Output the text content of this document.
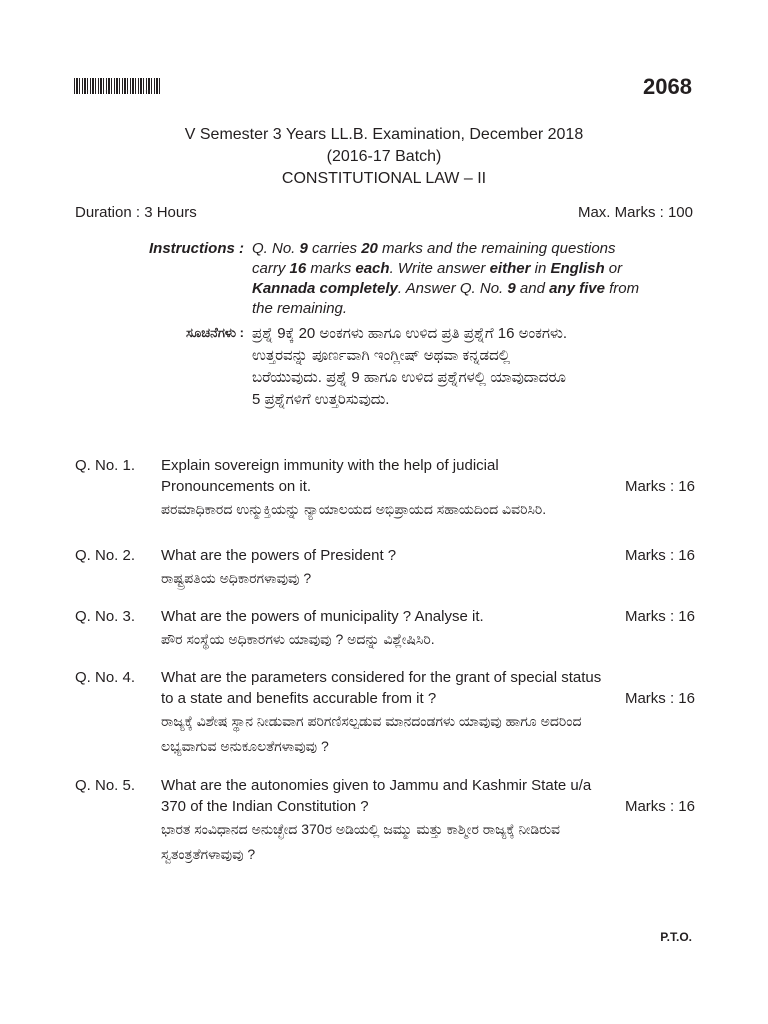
2068
V Semester 3 Years LL.B. Examination, December 2018
(2016-17 Batch)
CONSTITUTIONAL LAW – II
Duration : 3 Hours	Max. Marks : 100
Instructions : Q. No. 9 carries 20 marks and the remaining questions carry 16 marks each. Write answer either in English or Kannada completely. Answer Q. No. 9 and any five from the remaining.
ಸೂಚನೆಗಳು : ಪ್ರಶ್ನೆ 9ಕ್ಕೆ 20 ಅಂಕಗಳು ಹಾಗೂ ಉಳಿದ ಪ್ರತಿ ಪ್ರಶ್ನೆಗೆ 16 ಅಂಕಗಳು.
ಉತ್ತರವನ್ನು ಪೂರ್ಣವಾಗಿ ಇಂಗ್ಲೀಷ್ ಅಥವಾ ಕನ್ನಡದಲ್ಲಿ
ಬರೆಯುವುದು. ಪ್ರಶ್ನೆ 9 ಹಾಗೂ ಉಳಿದ ಪ್ರಶ್ನೆಗಳಲ್ಲಿ ಯಾವುದಾದರೂ
5 ಪ್ರಶ್ನೆಗಳಿಗೆ ಉತ್ತರಿಸುವುದು.
Q. No. 1.	Explain sovereign immunity with the help of judicial Pronouncements on it.
ಪರಮಾಧಿಕಾರದ ಉನ್ಮುಕ್ತಿಯನ್ನು ನ್ಯಾಯಾಲಯದ ಅಭಿಪ್ರಾಯದ ಸಹಾಯದಿಂದ ವಿವರಿಸಿರಿ.
Marks : 16
Q. No. 2.	What are the powers of President ?
ರಾಷ್ಟ್ರಪತಿಯ ಅಧಿಕಾರಗಳಾವುವು ?
Marks : 16
Q. No. 3.	What are the powers of municipality ? Analyse it.
ಪೌರ ಸಂಸ್ಥೆಯ ಅಧಿಕಾರಗಳು ಯಾವುವು ? ಅದನ್ನು ವಿಶ್ಲೇಷಿಸಿರಿ.
Marks : 16
Q. No. 4.	What are the parameters considered for the grant of special status to a state and benefits accurable from it ?
ರಾಜ್ಯಕ್ಕೆ ವಿಶೇಷ ಸ್ಥಾನ ನೀಡುವಾಗ ಪರಿಗಣಿಸಲ್ಪಡುವ ಮಾನದಂಡಗಳು ಯಾವುವು ಹಾಗೂ ಅದರಿಂದ ಲಭ್ಯವಾಗುವ ಅನುಕೂಲತೆಗಳಾವುವು ?
Marks : 16
Q. No. 5.	What are the autonomies given to Jammu and Kashmir State u/a 370 of the Indian Constitution ?
ಭಾರತ ಸಂವಿಧಾನದ ಅನುಚ್ಛೇದ 370ರ ಅಡಿಯಲ್ಲಿ ಜಮ್ಮು ಮತ್ತು ಕಾಶ್ಮೀರ ರಾಜ್ಯಕ್ಕೆ ನೀಡಿರುವ ಸ್ವತಂತ್ರತೆಗಳಾವುವು ?
Marks : 16
P.T.O.
